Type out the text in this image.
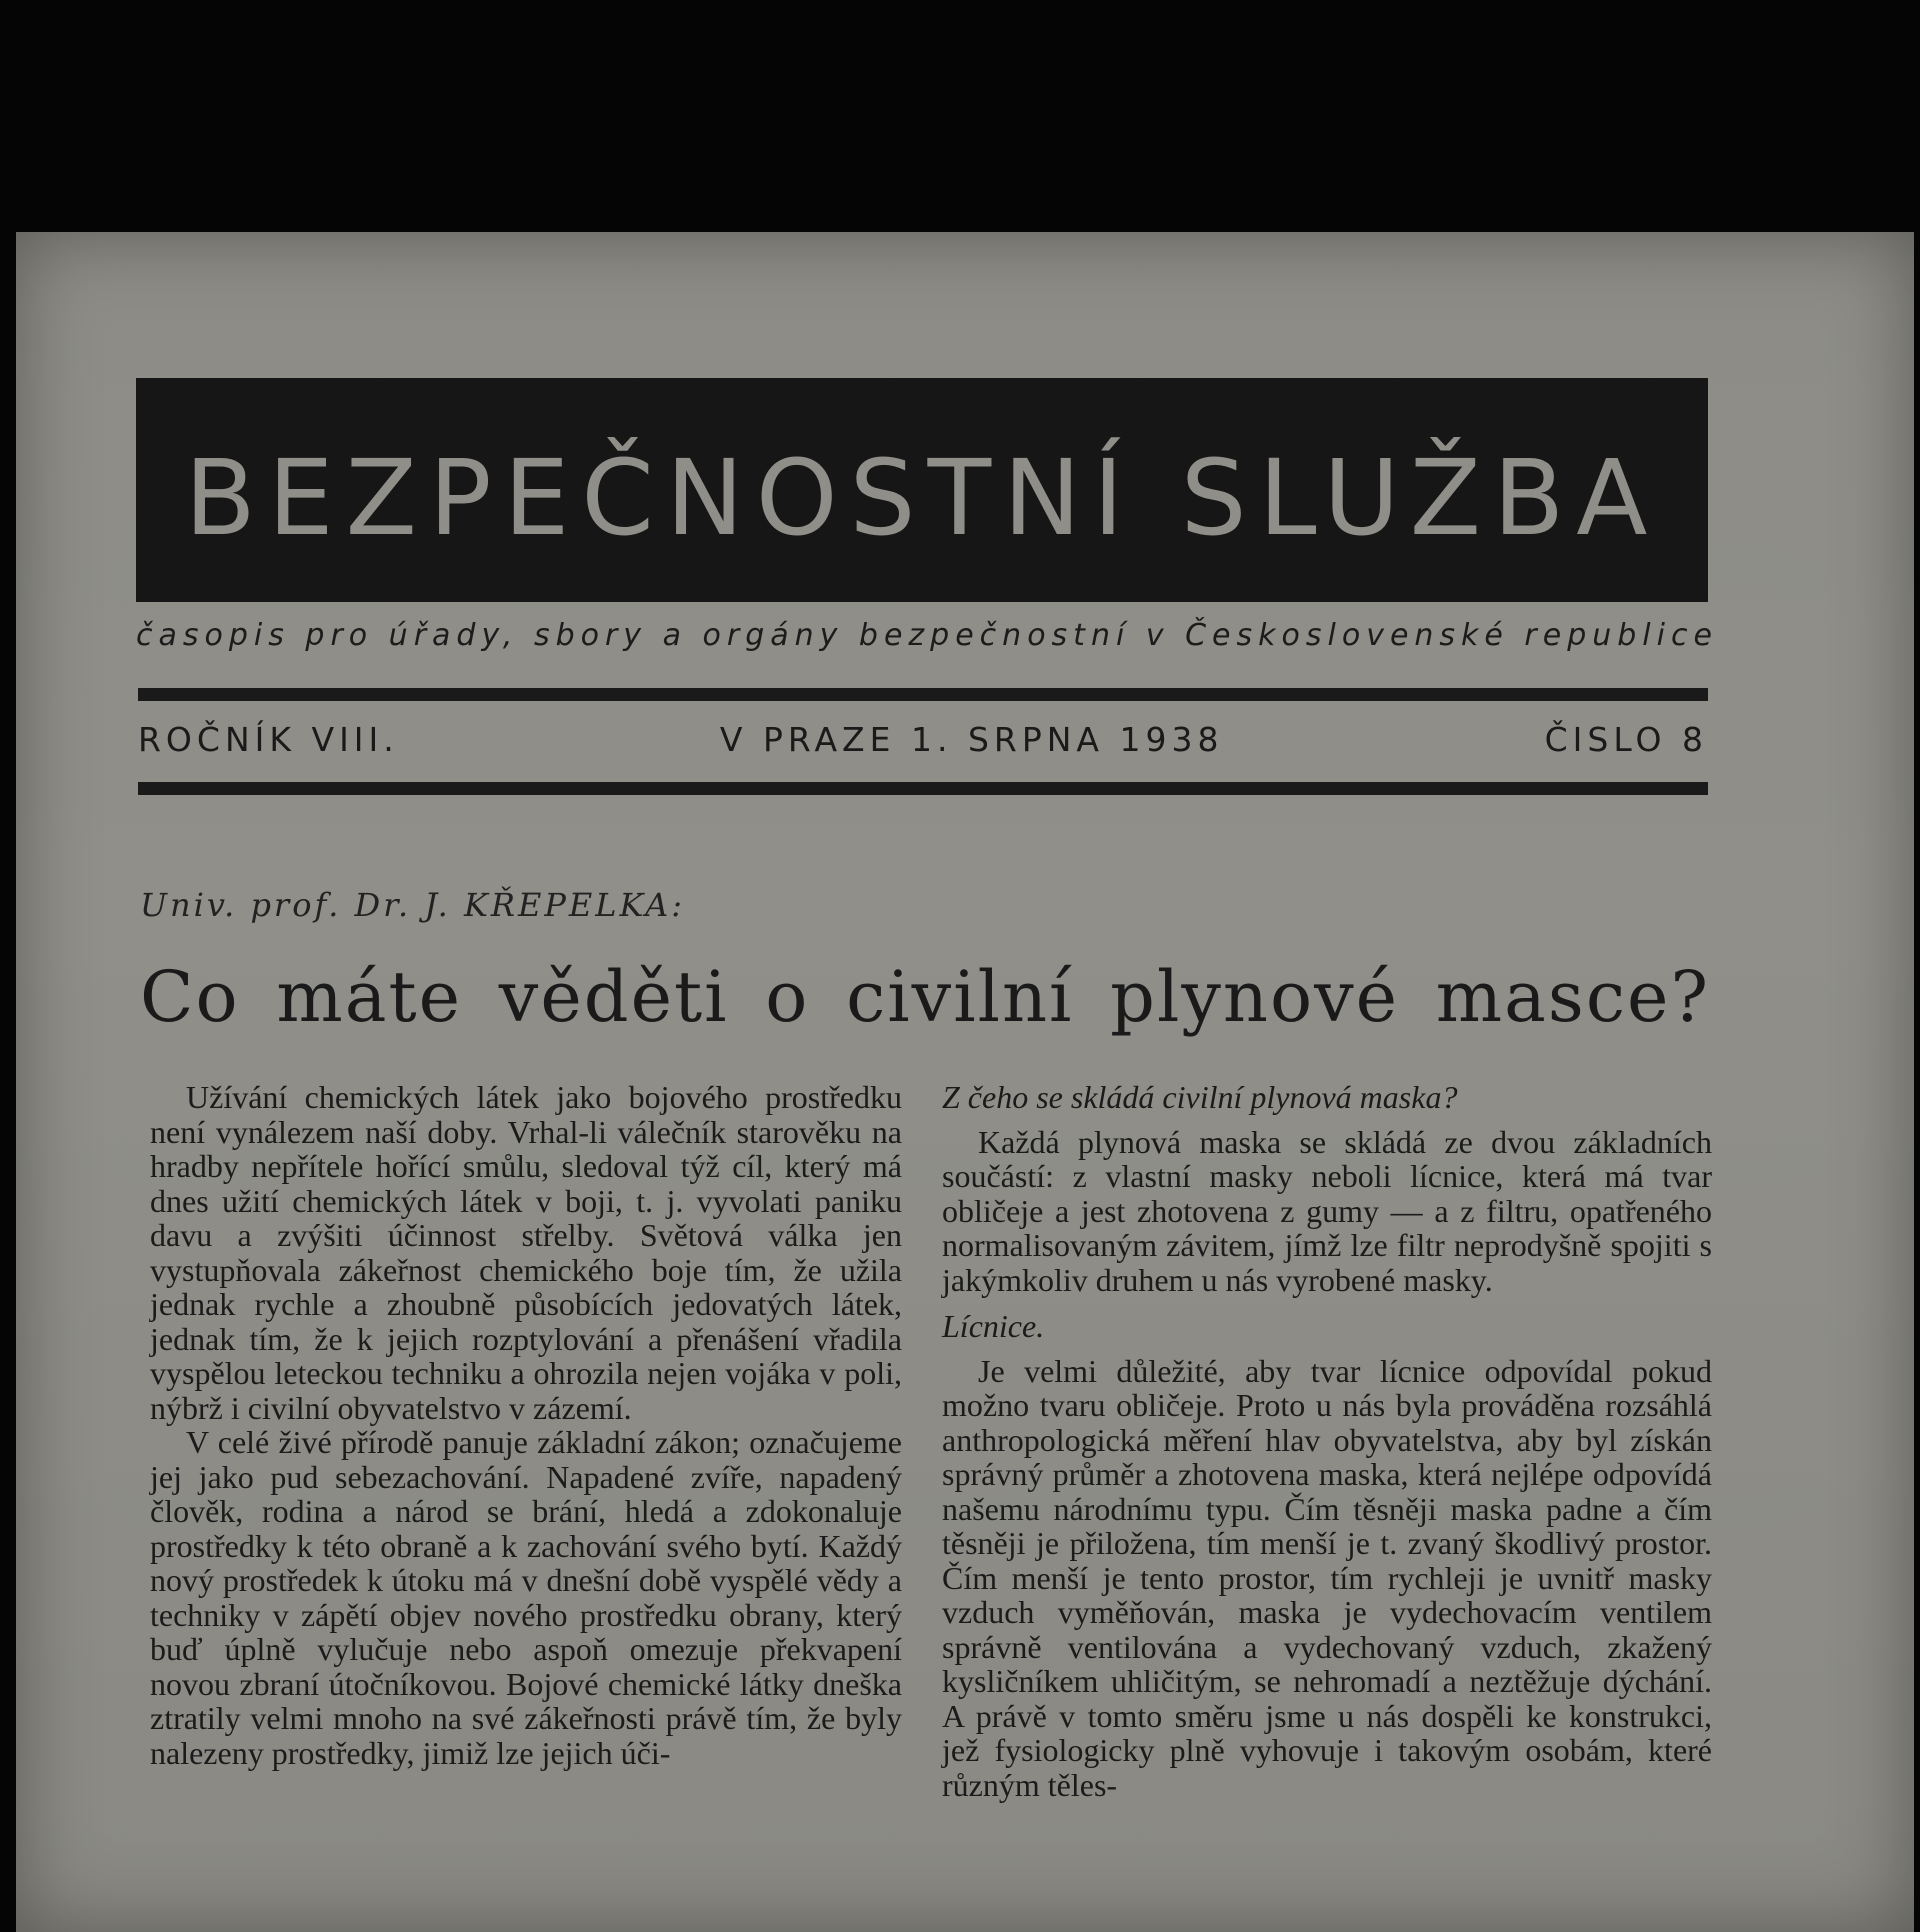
BEZPEČNOSTNÍ SLUŽBA
časopis pro úřady, sbory a orgány bezpečnostní v Československé republice
ROČNÍK VIII.	V PRAZE 1. SRPNA 1938	ČISLO 8
Univ. prof. Dr. J. KŘEPELKA:
Co máte věděti o civilní plynové masce?

Užívání chemických látek jako bojového prostředku není vynálezem naší doby. Vrhal-li válečník starověku na hradby nepřítele hořící smůlu, sledoval týž cíl, který má dnes užití chemických látek v boji, t. j. vyvolati paniku davu a zvýšiti účinnost střelby. Světová válka jen vystupňovala zákeřnost chemického boje tím, že užila jednak rychle a zhoubně působících jedovatých látek, jednak tím, že k jejich rozptylování a přenášení vřadila vyspělou leteckou techniku a ohrozila nejen vojáka v poli, nýbrž i civilní obyvatelstvo v zázemí.

V celé živé přírodě panuje základní zákon; označujeme jej jako pud sebezachování. Napadené zvíře, napadený člověk, rodina a národ se brání, hledá a zdokonaluje prostředky k této obraně a k zachování svého bytí. Každý nový prostředek k útoku má v dnešní době vyspělé vědy a techniky v zápětí objev nového prostředku obrany, který buď úplně vylučuje nebo aspoň omezuje překvapení novou zbraní útočníkovou. Bojové chemické látky dneška ztratily velmi mnoho na své zákeřnosti právě tím, že byly nalezeny prostředky, jimiž lze jejich úči-

Z čeho se skládá civilní plynová maska?

Každá plynová maska se skládá ze dvou základních součástí: z vlastní masky neboli lícnice, která má tvar obličeje a jest zhotovena z gumy — a z filtru, opatřeného normalisovaným závitem, jímž lze filtr neprodyšně spojiti s jakýmkoliv druhem u nás vyrobené masky.

Lícnice.

Je velmi důležité, aby tvar lícnice odpovídal pokud možno tvaru obličeje. Proto u nás byla prováděna rozsáhlá anthropologická měření hlav obyvatelstva, aby byl získán správný průměr a zhotovena maska, která nejlépe odpovídá našemu národnímu typu. Čím těsněji maska padne a čím těsněji je přiložena, tím menší je t. zvaný škodlivý prostor. Čím menší je tento prostor, tím rychleji je uvnitř masky vzduch vyměňován, maska je vydechovacím ventilem správně ventilována a vydechovaný vzduch, zkažený kysličníkem uhličitým, se nehromadí a neztěžuje dýchání. A právě v tomto směru jsme u nás dospěli ke konstrukci, jež fysiologicky plně vyhovuje i takovým osobám, které různým těles-
